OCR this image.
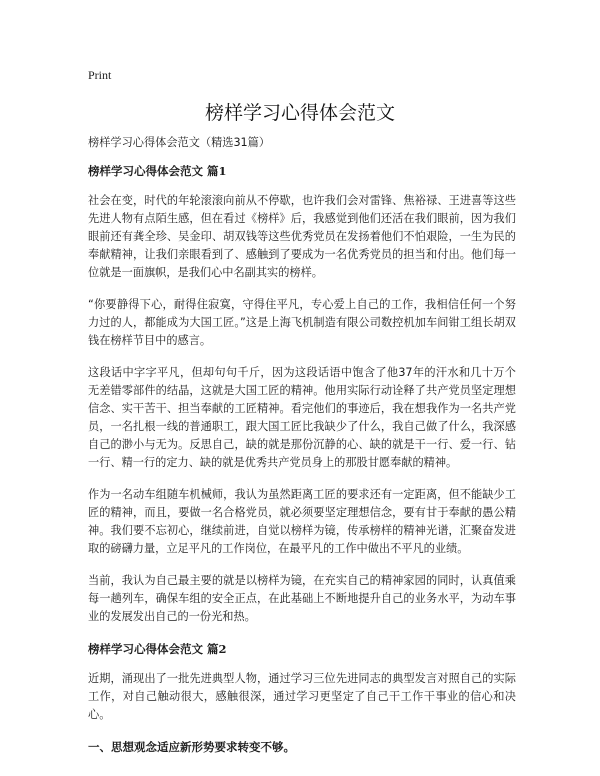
Print
榜样学习心得体会范文

榜样学习心得体会范文（精选31篇）

榜样学习心得体会范文 篇1

社会在变，时代的年轮滚滚向前从不停歇，也许我们会对雷锋、焦裕禄、王进喜等这些先进人物有点陌生感，但在看过《榜样》后，我感觉到他们还活在我们眼前，因为我们眼前还有龚全珍、吴金印、胡双钱等这些优秀党员在发扬着他们不怕艰险，一生为民的奉献精神，让我们亲眼看到了、感触到了要成为一名优秀党员的担当和付出。他们每一位就是一面旗帜，是我们心中名副其实的榜样。

“你要静得下心，耐得住寂寞，守得住平凡，专心爱上自己的工作，我相信任何一个努力过的人，都能成为大国工匠。”这是上海飞机制造有限公司数控机加车间钳工组长胡双钱在榜样节目中的感言。

这段话中字字平凡，但却句句千斤，因为这段话语中饱含了他37年的汗水和几十万个无差错零部件的结晶，这就是大国工匠的精神。他用实际行动诠释了共产党员坚定理想信念、实干苦干、担当奉献的工匠精神。看完他们的事迹后，我在想我作为一名共产党员，一名扎根一线的普通职工，跟大国工匠比我缺少了什么，我自己做了什么，我深感自己的渺小与无为。反思自己，缺的就是那份沉静的心、缺的就是干一行、爱一行、钻一行、精一行的定力、缺的就是优秀共产党员身上的那股甘愿奉献的精神。

作为一名动车组随车机械师，我认为虽然距离工匠的要求还有一定距离，但不能缺少工匠的精神，而且，要做一名合格党员，就必须要坚定理想信念，要有甘于奉献的愚公精神。我们要不忘初心，继续前进，自觉以榜样为镜，传承榜样的精神光谱，汇聚奋发进取的磅礴力量，立足平凡的工作岗位，在最平凡的工作中做出不平凡的业绩。

当前，我认为自己最主要的就是以榜样为镜，在充实自己的精神家园的同时，认真值乘每一趟列车，确保车组的安全正点，在此基础上不断地提升自己的业务水平，为动车事业的发展发出自己的一份光和热。

榜样学习心得体会范文 篇2

近期，涌现出了一批先进典型人物，通过学习三位先进同志的典型发言对照自己的实际工作，对自己触动很大，感触很深，通过学习更坚定了自己干工作干事业的信心和决心。

一、思想观念适应新形势要求转变不够。
